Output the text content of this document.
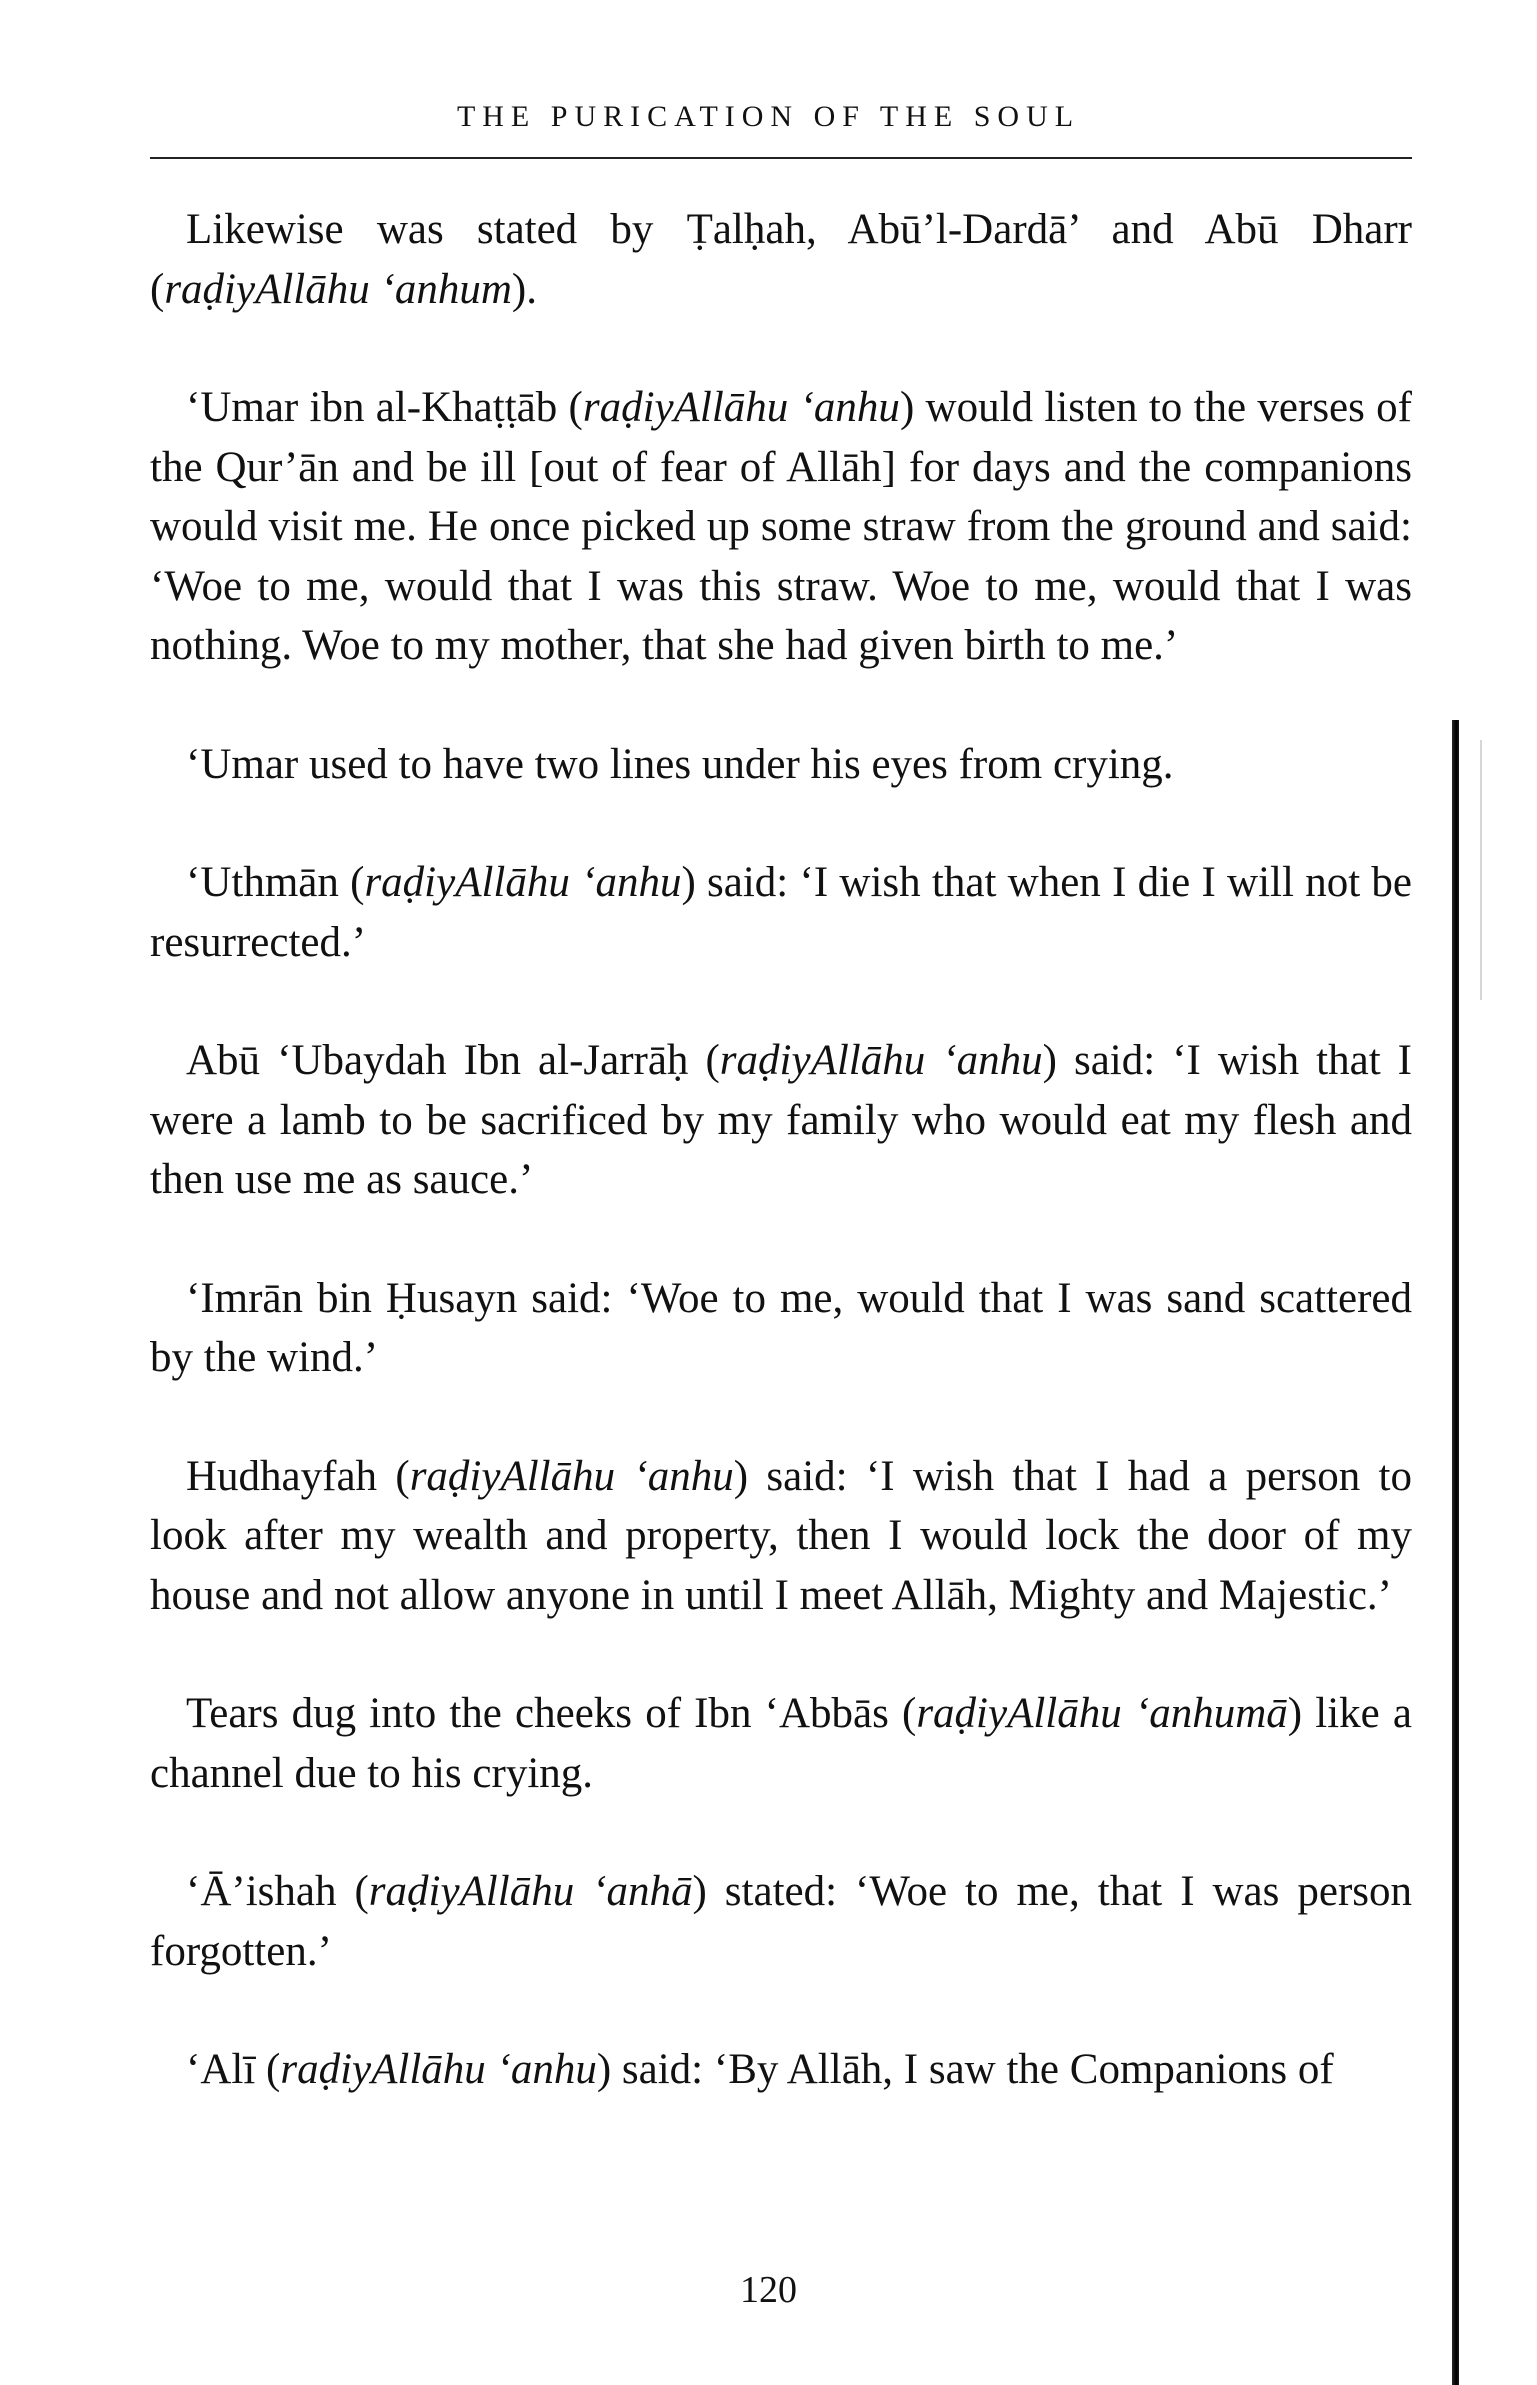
THE PURICATION OF THE SOUL

Likewise was stated by Ṭalḥah, Abū’l-Dardā’ and Abū Dharr (raḍiyAllāhu ‘anhum).

‘Umar ibn al-Khaṭṭāb (raḍiyAllāhu ‘anhu) would listen to the verses of the Qur’ān and be ill [out of fear of Allāh] for days and the companions would visit me. He once picked up some straw from the ground and said: ‘Woe to me, would that I was this straw. Woe to me, would that I was nothing. Woe to my mother, that she had given birth to me.’

‘Umar used to have two lines under his eyes from crying.

‘Uthmān (raḍiyAllāhu ‘anhu) said: ‘I wish that when I die I will not be resurrected.’

Abū ‘Ubaydah Ibn al-Jarrāḥ (raḍiyAllāhu ‘anhu) said: ‘I wish that I were a lamb to be sacrificed by my family who would eat my flesh and then use me as sauce.’

‘Imrān bin Ḥusayn said: ‘Woe to me, would that I was sand scattered by the wind.’

Hudhayfah (raḍiyAllāhu ‘anhu) said: ‘I wish that I had a person to look after my wealth and property, then I would lock the door of my house and not allow anyone in until I meet Allāh, Mighty and Majestic.’

Tears dug into the cheeks of Ibn ‘Abbās (raḍiyAllāhu ‘anhumā) like a channel due to his crying.

‘Ā’ishah (raḍiyAllāhu ‘anhā) stated: ‘Woe to me, that I was person forgotten.’

‘Alī (raḍiyAllāhu ‘anhu) said: ‘By Allāh, I saw the Companions of

120
